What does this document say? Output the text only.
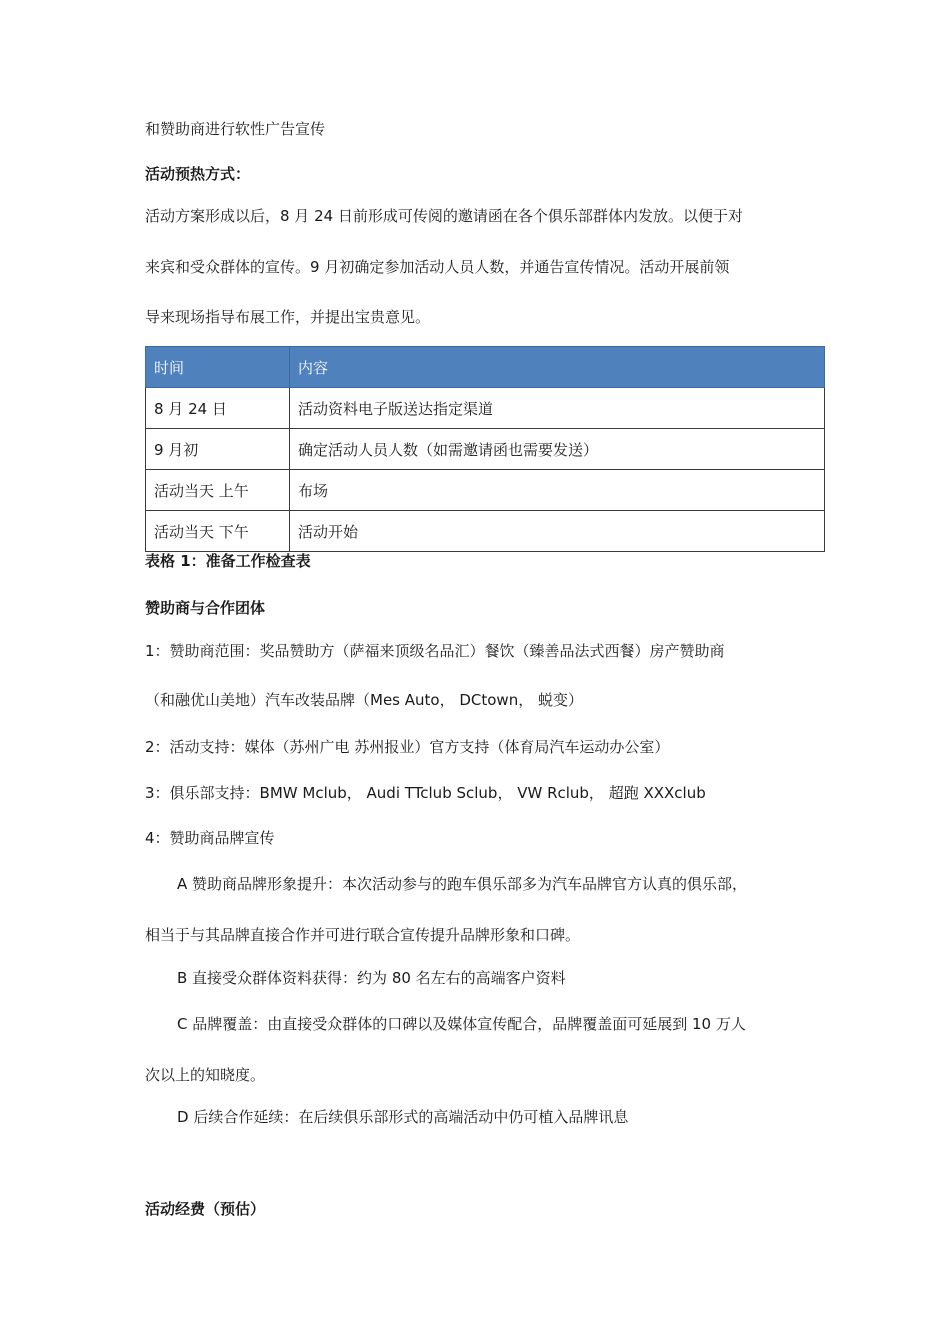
和赞助商进行软性广告宣传
活动预热方式：
活动方案形成以后，8 月 24 日前形成可传阅的邀请函在各个俱乐部群体内发放。以便于对
来宾和受众群体的宣传。9 月初确定参加活动人员人数，并通告宣传情况。活动开展前领
导来现场指导布展工作，并提出宝贵意见。
时间	内容
8 月 24 日	活动资料电子版送达指定渠道
9 月初	确定活动人员人数（如需邀请函也需要发送）
活动当天 上午	布场
活动当天 下午	活动开始
表格 1：准备工作检查表
赞助商与合作团体
1：赞助商范围：奖品赞助方（萨福来顶级名品汇）餐饮（臻善品法式西餐）房产赞助商
（和融优山美地）汽车改装品牌（Mes Auto， DCtown， 蜕变）
2：活动支持：媒体（苏州广电 苏州报业）官方支持（体育局汽车运动办公室）
3：俱乐部支持：BMW Mclub， Audi TTclub Sclub， VW Rclub， 超跑 XXXclub
4：赞助商品牌宣传
A 赞助商品牌形象提升：本次活动参与的跑车俱乐部多为汽车品牌官方认真的俱乐部，
相当于与其品牌直接合作并可进行联合宣传提升品牌形象和口碑。
B 直接受众群体资料获得：约为 80 名左右的高端客户资料
C 品牌覆盖：由直接受众群体的口碑以及媒体宣传配合，品牌覆盖面可延展到 10 万人
次以上的知晓度。
D 后续合作延续：在后续俱乐部形式的高端活动中仍可植入品牌讯息
活动经费（预估）
